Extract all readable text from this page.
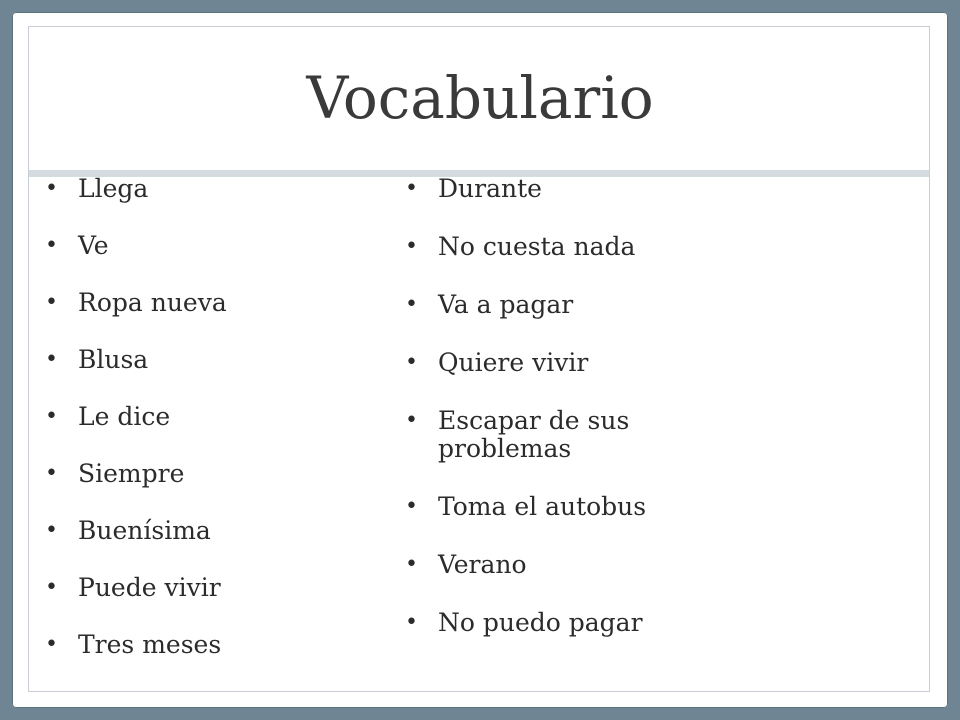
Vocabulario
• Llega
• Ve
• Ropa nueva
• Blusa
• Le dice
• Siempre
• Buenísima
• Puede vivir
• Tres meses
• Durante
• No cuesta nada
• Va a pagar
• Quiere vivir
• Escapar de sus problemas
• Toma el autobus
• Verano
• No puedo pagar
